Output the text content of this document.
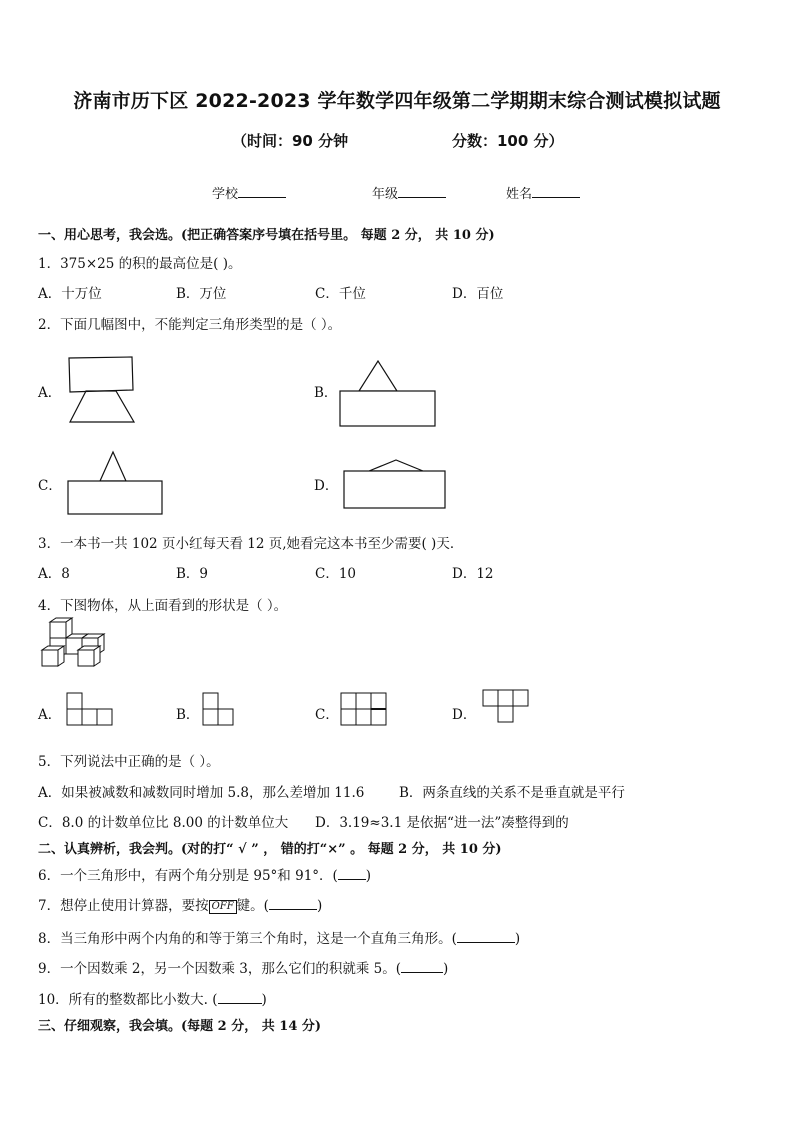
济南市历下区 2022-2023 学年数学四年级第二学期期末综合测试模拟试题
（时间：90 分钟	分数：100 分）
学校	年级	姓名
一、用心思考，我会选。(把正确答案序号填在括号里。 每题 2 分， 共 10 分)
1．375×25 的积的最高位是( )。
A．十万位	B．万位	C．千位	D．百位
2．下面几幅图中，不能判定三角形类型的是（ ）。
A．	B．
C．	D．
3．一本书一共 102 页小红每天看 12 页,她看完这本书至少需要( )天．
A．8	B．9	C．10	D．12
4．下图物体，从上面看到的形状是（ ）。
A．	B．	C．	D．
5．下列说法中正确的是（ ）。
A．如果被减数和减数同时增加 5.8，那么差增加 11.6	B．两条直线的关系不是垂直就是平行
C．8.0 的计数单位比 8.00 的计数单位大 D．3.19≈3.1 是依据“进一法”凑整得到的
二、认真辨析，我会判。(对的打“ √ ” ， 错的打“×” 。 每题 2 分， 共 10 分)
6．一个三角形中，有两个角分别是 95°和 91°．( )
7．想停止使用计算器，要按 OFF 键。(	)
8．当三角形中两个内角的和等于第三个角时，这是一个直角三角形。(	)
9．一个因数乘 2，另一个因数乘 3，那么它们的积就乘 5。(	)
10．所有的整数都比小数大. (	)
三、仔细观察，我会填。(每题 2 分， 共 14 分)
